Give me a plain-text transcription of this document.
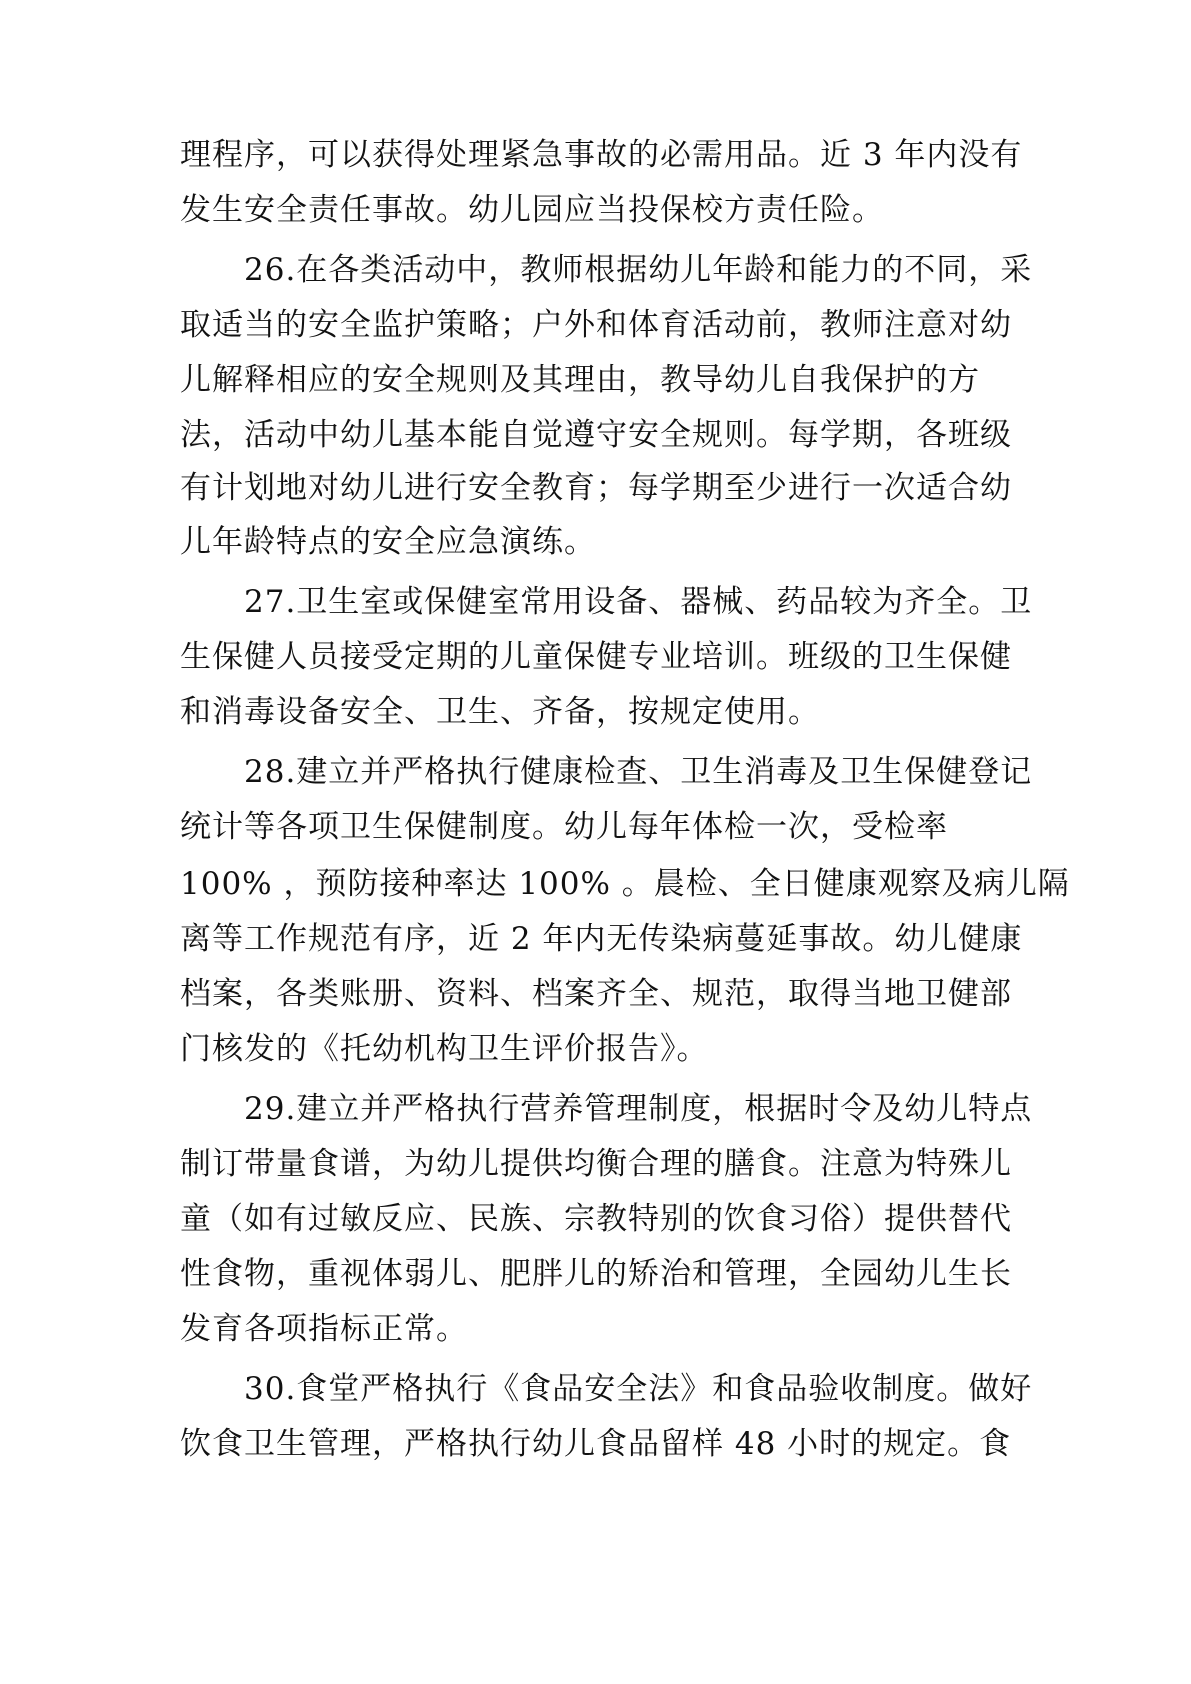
理程序，可以获得处理紧急事故的必需用品。近 3 年内没有

发生安全责任事故。幼儿园应当投保校方责任险。

26.在各类活动中，教师根据幼儿年龄和能力的不同，采

取适当的安全监护策略；户外和体育活动前，教师注意对幼

儿解释相应的安全规则及其理由，教导幼儿自我保护的方

法，活动中幼儿基本能自觉遵守安全规则。每学期，各班级

有计划地对幼儿进行安全教育；每学期至少进行一次适合幼

儿年龄特点的安全应急演练。

27.卫生室或保健室常用设备、器械、药品较为齐全。卫

生保健人员接受定期的儿童保健专业培训。班级的卫生保健

和消毒设备安全、卫生、齐备，按规定使用。

28.建立并严格执行健康检查、卫生消毒及卫生保健登记

统计等各项卫生保健制度。幼儿每年体检一次，受检率

100% ，预防接种率达 100% 。晨检、全日健康观察及病儿隔

离等工作规范有序，近 2 年内无传染病蔓延事故。幼儿健康

档案，各类账册、资料、档案齐全、规范，取得当地卫健部

门核发的《托幼机构卫生评价报告》。

29.建立并严格执行营养管理制度，根据时令及幼儿特点

制订带量食谱，为幼儿提供均衡合理的膳食。注意为特殊儿

童（如有过敏反应、民族、宗教特别的饮食习俗）提供替代

性食物，重视体弱儿、肥胖儿的矫治和管理，全园幼儿生长

发育各项指标正常。

30.食堂严格执行《食品安全法》和食品验收制度。做好

饮食卫生管理，严格执行幼儿食品留样 48 小时的规定。食
